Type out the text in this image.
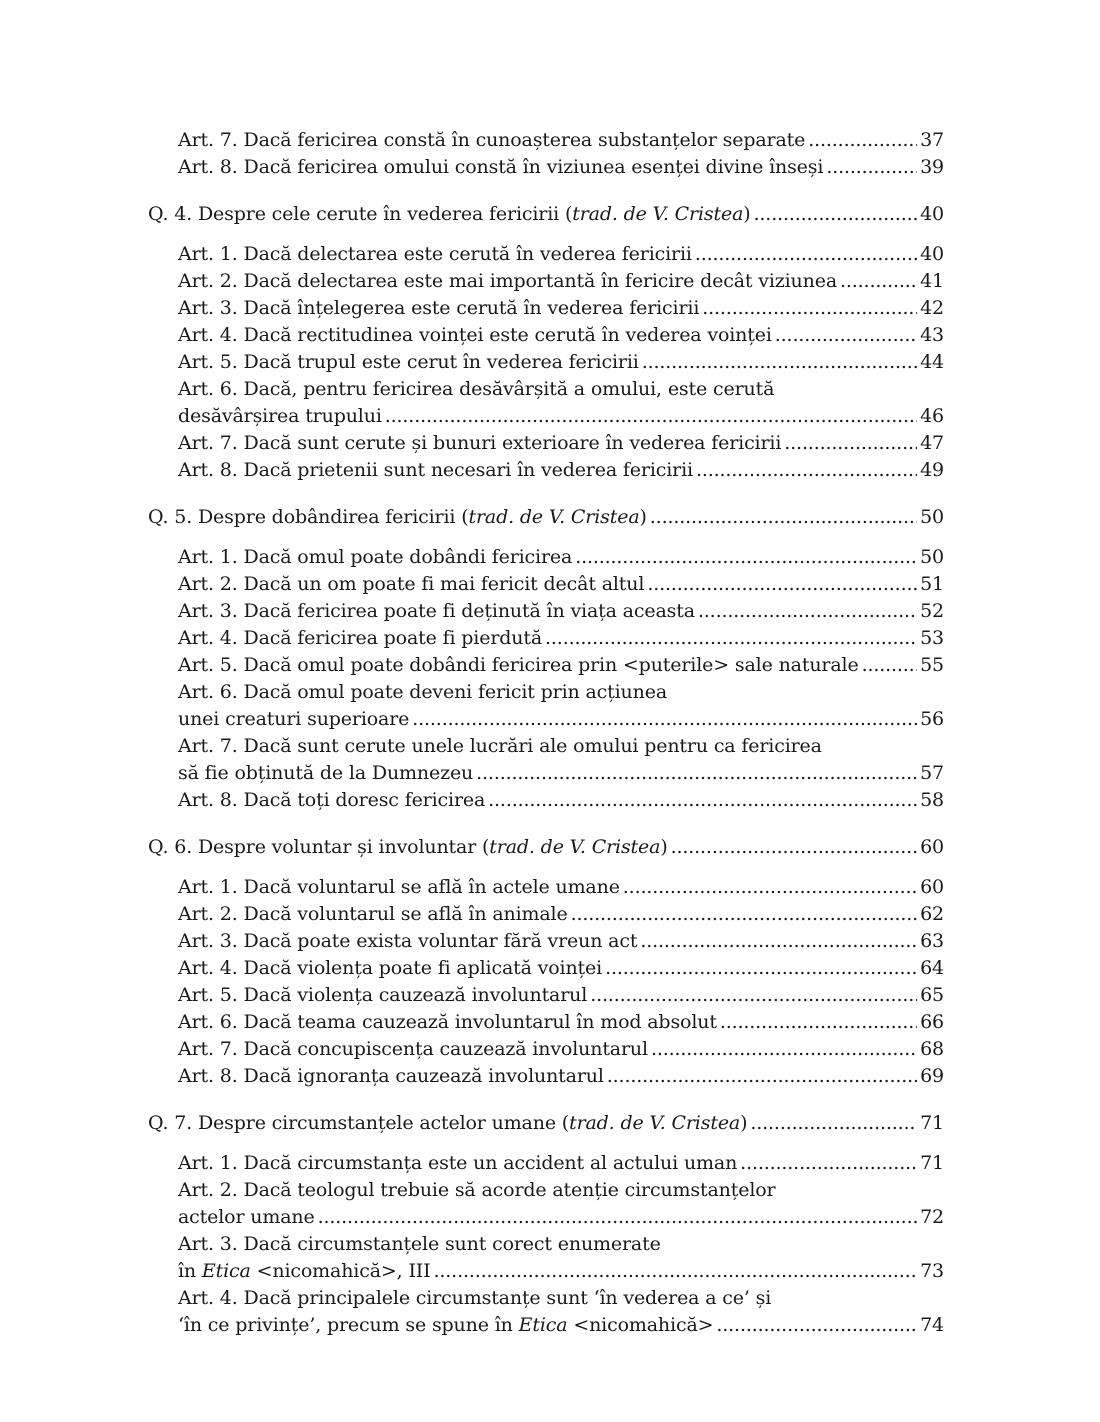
Art. 7. Dacă fericirea constă în cunoașterea substanțelor separate .....	37
Art. 8. Dacă fericirea omului constă în viziunea esenței divine înseși .....	39
Q. 4. Despre cele cerute în vederea fericirii (trad. de V. Cristea) .....	40
Art. 1. Dacă delectarea este cerută în vederea fericirii .....	40
Art. 2. Dacă delectarea este mai importantă în fericire decât viziunea .....	41
Art. 3. Dacă înțelegerea este cerută în vederea fericirii .....	42
Art. 4. Dacă rectitudinea voinței este cerută în vederea voinței .....	43
Art. 5. Dacă trupul este cerut în vederea fericirii .....	44
Art. 6. Dacă, pentru fericirea desăvârșită a omului, este cerută
desăvârșirea trupului .....	46
Art. 7. Dacă sunt cerute și bunuri exterioare în vederea fericirii .....	47
Art. 8. Dacă prietenii sunt necesari în vederea fericirii .....	49
Q. 5. Despre dobândirea fericirii (trad. de V. Cristea) .....	50
Art. 1. Dacă omul poate dobândi fericirea .....	50
Art. 2. Dacă un om poate fi mai fericit decât altul .....	51
Art. 3. Dacă fericirea poate fi deținută în viața aceasta .....	52
Art. 4. Dacă fericirea poate fi pierdută .....	53
Art. 5. Dacă omul poate dobândi fericirea prin <puterile> sale naturale .....	55
Art. 6. Dacă omul poate deveni fericit prin acțiunea
unei creaturi superioare .....	56
Art. 7. Dacă sunt cerute unele lucrări ale omului pentru ca fericirea
să fie obținută de la Dumnezeu .....	57
Art. 8. Dacă toți doresc fericirea .....	58
Q. 6. Despre voluntar și involuntar (trad. de V. Cristea) .....	60
Art. 1. Dacă voluntarul se află în actele umane .....	60
Art. 2. Dacă voluntarul se află în animale .....	62
Art. 3. Dacă poate exista voluntar fără vreun act .....	63
Art. 4. Dacă violența poate fi aplicată voinței .....	64
Art. 5. Dacă violența cauzează involuntarul .....	65
Art. 6. Dacă teama cauzează involuntarul în mod absolut .....	66
Art. 7. Dacă concupiscența cauzează involuntarul .....	68
Art. 8. Dacă ignoranța cauzează involuntarul .....	69
Q. 7. Despre circumstanțele actelor umane (trad. de V. Cristea) .....	71
Art. 1. Dacă circumstanța este un accident al actului uman .....	71
Art. 2. Dacă teologul trebuie să acorde atenție circumstanțelor
actelor umane .....	72
Art. 3. Dacă circumstanțele sunt corect enumerate
în Etica <nicomahică>, III .....	73
Art. 4. Dacă principalele circumstanțe sunt ‘în vederea a ce’ și
‘în ce privințe’, precum se spune în Etica <nicomahică> .....	74
